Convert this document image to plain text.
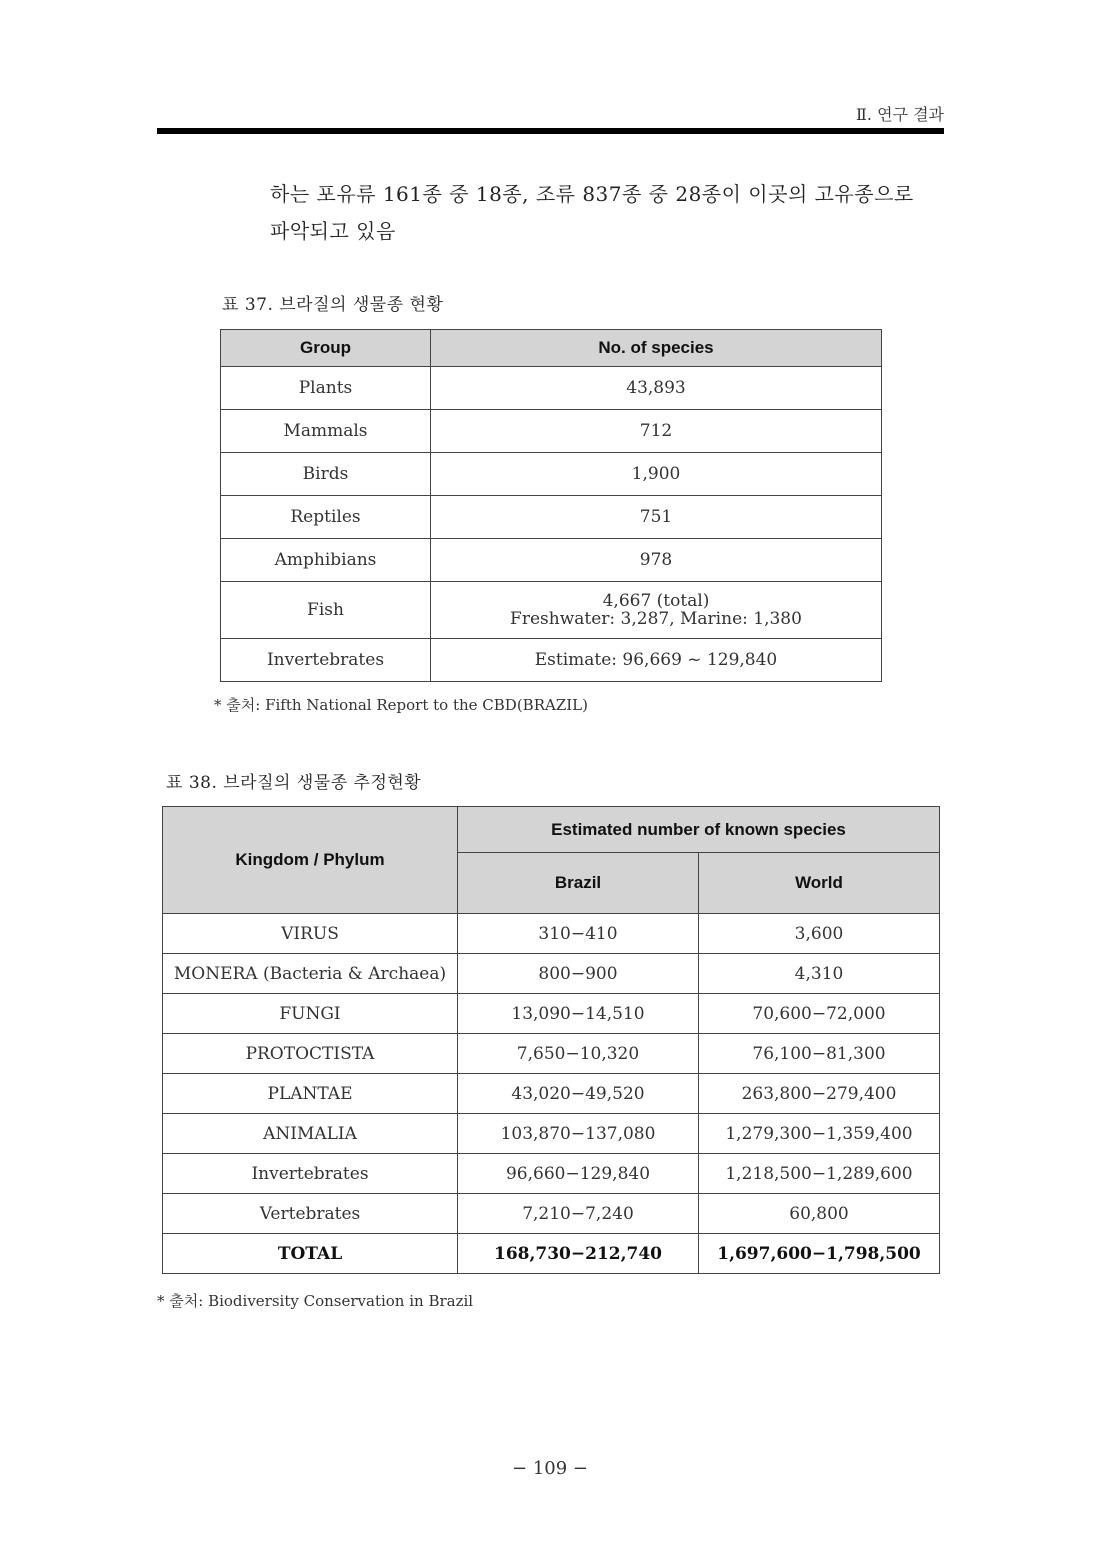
Ⅱ. 연구 결과
하는 포유류 161종 중 18종, 조류 837종 중 28종이 이곳의 고유종으로
파악되고 있음
표 37. 브라질의 생물종 현황
Group	No. of species
Plants	43,893
Mammals	712
Birds	1,900
Reptiles	751
Amphibians	978
Fish	4,667 (total)
Freshwater: 3,287, Marine: 1,380

Invertebrates	Estimate: 96,669 ~ 129,840
* 출처: Fifth National Report to the CBD(BRAZIL)
표 38. 브라질의 생물종 추정현황
Kingdom / Phylum	Estimated number of known species	
	Brazil	World
VIRUS	310−410	3,600
MONERA (Bacteria & Archaea)	800−900	4,310
FUNGI	13,090−14,510	70,600−72,000
PROTOCTISTA	7,650−10,320	76,100−81,300
PLANTAE	43,020−49,520	263,800−279,400
ANIMALIA	103,870−137,080	1,279,300−1,359,400
Invertebrates	96,660−129,840	1,218,500−1,289,600
Vertebrates	7,210−7,240	60,800
TOTAL	168,730−212,740	1,697,600−1,798,500
* 출처: Biodiversity Conservation in Brazil
− 109 −
